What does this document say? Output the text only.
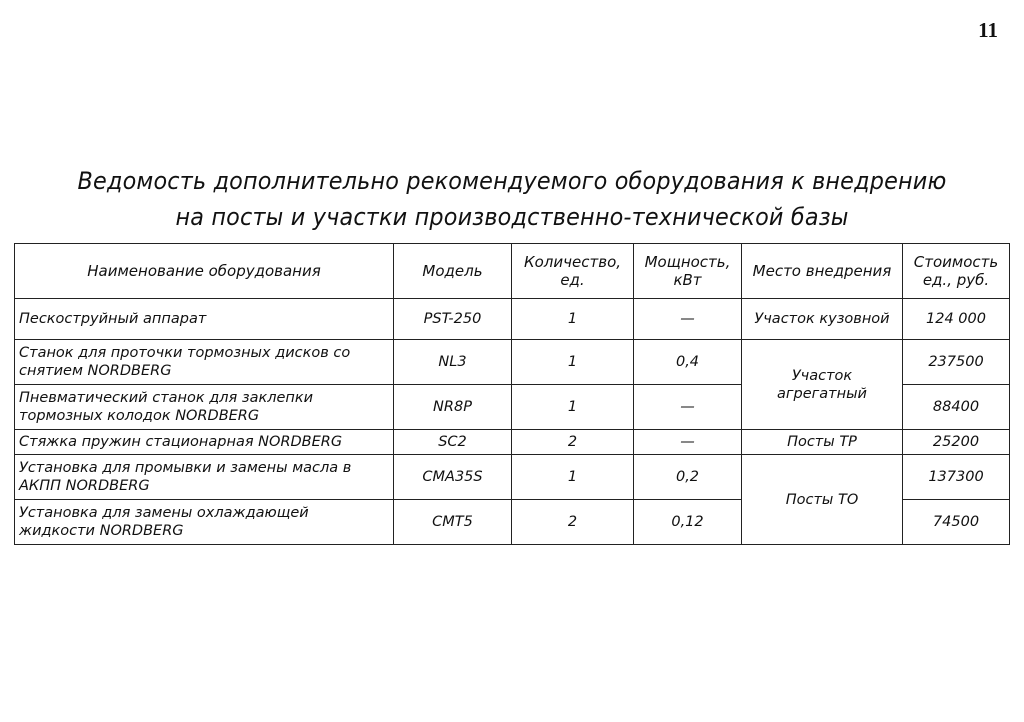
11
Ведомость дополнительно рекомендуемого оборудования к внедрению
на посты и участки производственно-технической базы
Наименование оборудования	Модель	Количество, ед.	Мощность, кВт	Место внедрения	Стоимость ед., руб.
Пескоструйный аппарат	PST-250	1	—	Участок кузовной	124 000
Станок для проточки тормозных дисков со снятием NORDBERG	NL3	1	0,4	Участок агрегатный	237500
Пневматический станок для заклепки тормозных колодок NORDBERG	NR8P	1	—		88400
Стяжка пружин стационарная NORDBERG	SC2	2	—	Посты ТР	25200
Установка для промывки и замены масла в АКПП NORDBERG	CMA35S	1	0,2	Посты ТО	137300
Установка для замены охлаждающей жидкости NORDBERG	CMT5	2	0,12		74500
